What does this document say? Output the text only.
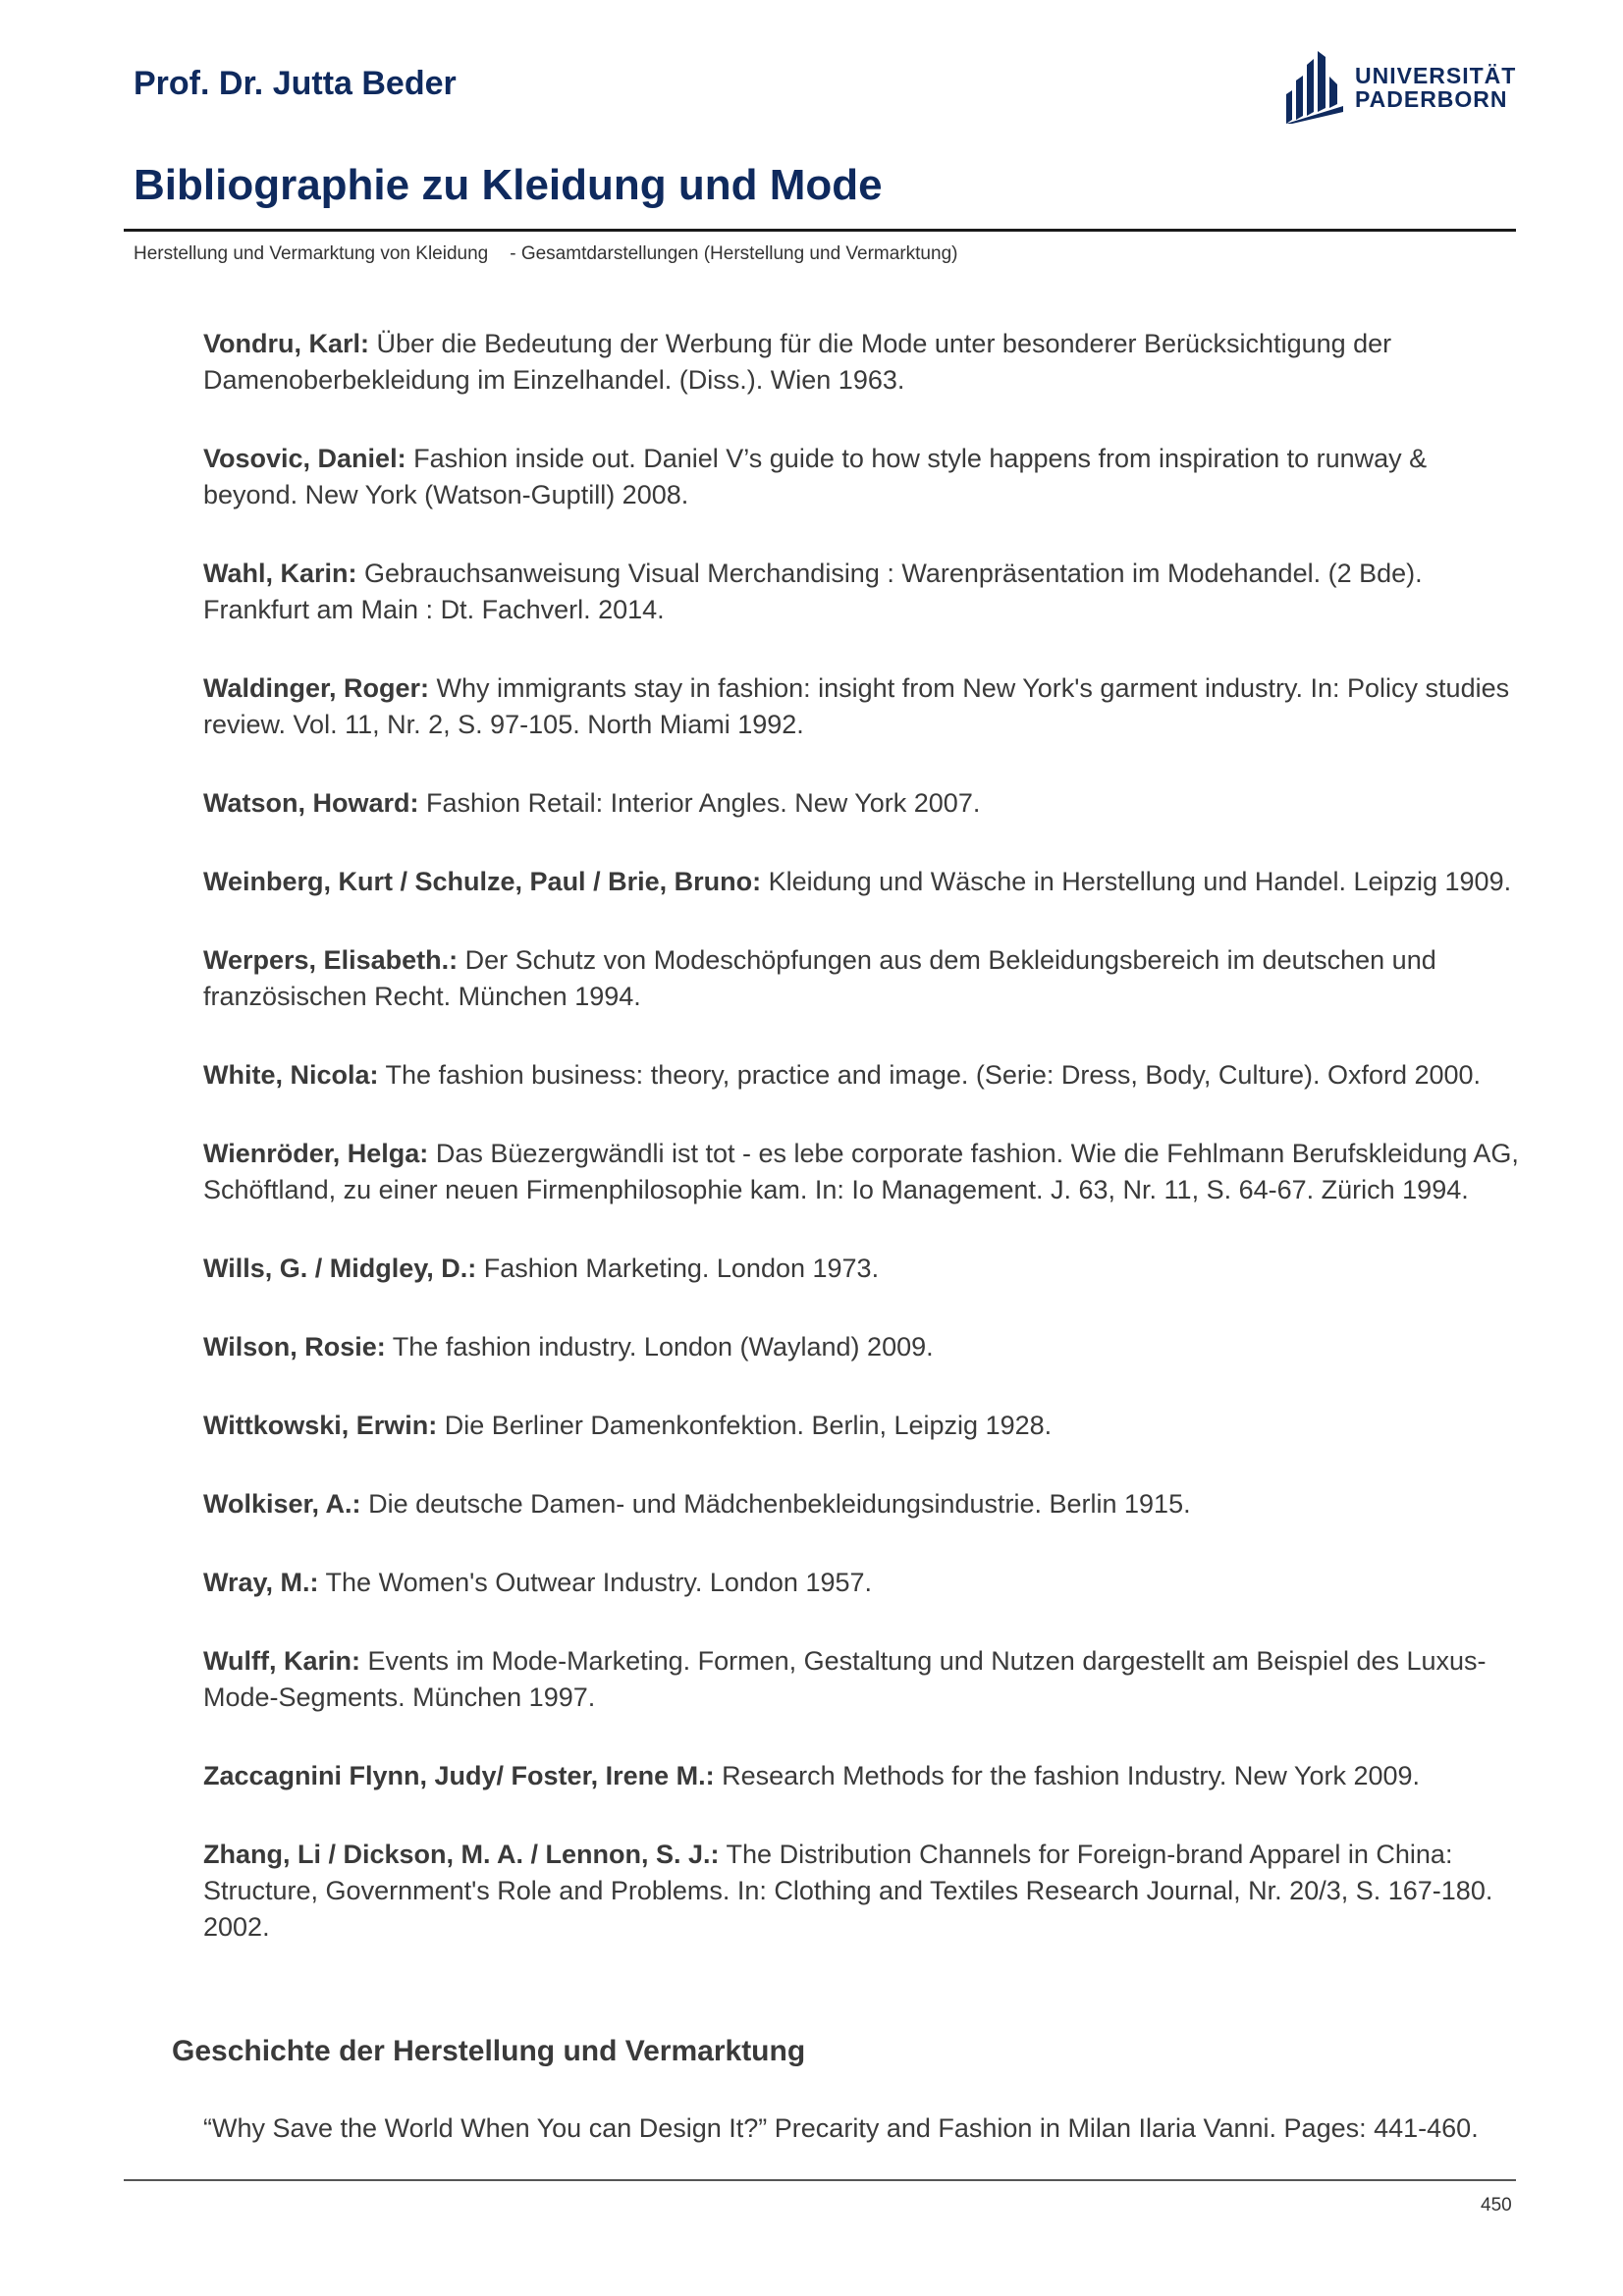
Prof. Dr. Jutta Beder	UNIVERSITÄT
PADERBORN
Bibliographie zu Kleidung und Mode
Herstellung und Vermarktung von Kleidung - Gesamtdarstellungen (Herstellung und Vermarktung)

Vondru, Karl: Über die Bedeutung der Werbung für die Mode unter besonderer Berücksichtigung der Damenoberbekleidung im Einzelhandel. (Diss.). Wien 1963.

Vosovic, Daniel: Fashion inside out. Daniel V’s guide to how style happens from inspiration to runway & beyond. New York (Watson-Guptill) 2008.

Wahl, Karin: Gebrauchsanweisung Visual Merchandising : Warenpräsentation im Modehandel. (2 Bde). Frankfurt am Main : Dt. Fachverl. 2014.

Waldinger, Roger: Why immigrants stay in fashion: insight from New York's garment industry. In: Policy studies review. Vol. 11, Nr. 2, S. 97-105. North Miami 1992.

Watson, Howard: Fashion Retail: Interior Angles. New York 2007.

Weinberg, Kurt / Schulze, Paul / Brie, Bruno: Kleidung und Wäsche in Herstellung und Handel. Leipzig 1909.

Werpers, Elisabeth.: Der Schutz von Modeschöpfungen aus dem Bekleidungsbereich im deutschen und französischen Recht. München 1994.

White, Nicola: The fashion business: theory, practice and image. (Serie: Dress, Body, Culture). Oxford 2000.

Wienröder, Helga: Das Büezergwändli ist tot - es lebe corporate fashion. Wie die Fehlmann Berufskleidung AG, Schöftland, zu einer neuen Firmenphilosophie kam. In: Io Management. J. 63, Nr. 11, S. 64-67. Zürich 1994.

Wills, G. / Midgley, D.: Fashion Marketing. London 1973.

Wilson, Rosie: The fashion industry. London (Wayland) 2009.

Wittkowski, Erwin: Die Berliner Damenkonfektion. Berlin, Leipzig 1928.

Wolkiser, A.: Die deutsche Damen- und Mädchenbekleidungsindustrie. Berlin 1915.

Wray, M.: The Women's Outwear Industry. London 1957.

Wulff, Karin: Events im Mode-Marketing. Formen, Gestaltung und Nutzen dargestellt am Beispiel des Luxus-Mode-Segments. München 1997.

Zaccagnini Flynn, Judy/ Foster, Irene M.: Research Methods for the fashion Industry. New York 2009.

Zhang, Li / Dickson, M. A. / Lennon, S. J.: The Distribution Channels for Foreign-brand Apparel in China: Structure, Government's Role and Problems. In: Clothing and Textiles Research Journal, Nr. 20/3, S. 167-180. 2002.

Geschichte der Herstellung und Vermarktung
“Why Save the World When You can Design It?” Precarity and Fashion in Milan Ilaria Vanni. Pages: 441-460.
450
